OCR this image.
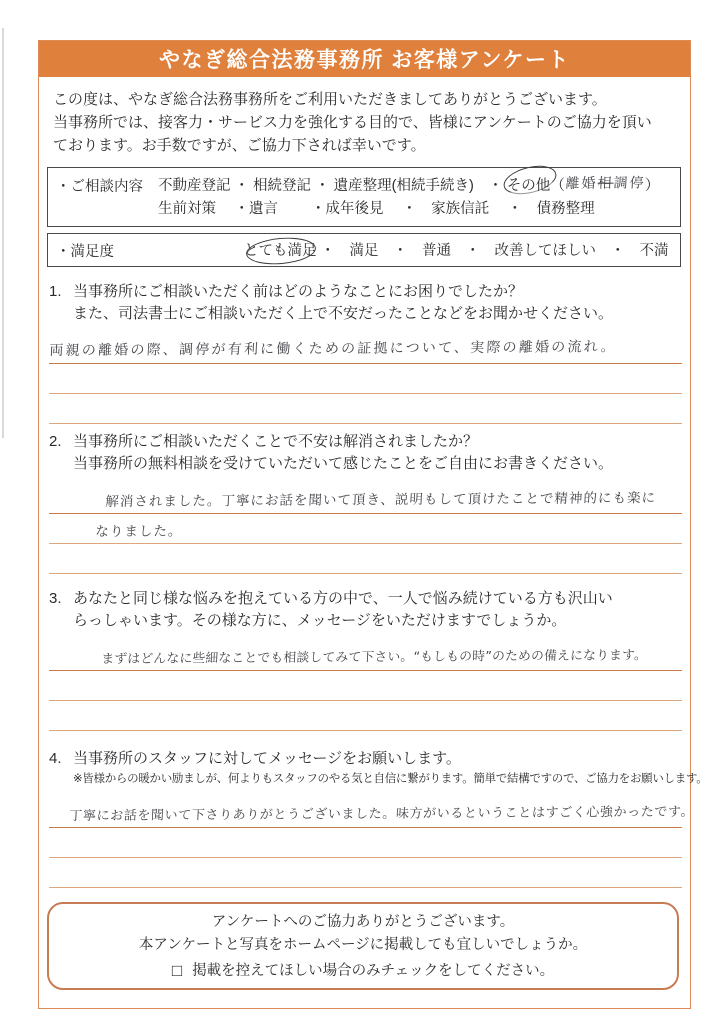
やなぎ総合法務事務所 お客様アンケート
この度は、やなぎ総合法務事務所をご利用いただきましてありがとうございます。
当事務所では、接客力・サービス力を強化する目的で、皆様にアンケートのご協力を頂い
ております。お手数ですが、ご協力下されば幸いです。
・ご相談内容	不動産登記 ・ 相続登記 ・ 遺産整理(相続手続き)　・
その他（離婚相調停）
生前対策　 ・遺言 　　・成年後見 　・　家族信託 　・　債務整理
・満足度	とても満足 ・　満足　・　普通　・　改善してほしい　・　不満
1. 当事務所にご相談いただく前はどのようなことにお困りでしたか？
また、司法書士にご相談いただく上で不安だったことなどをお聞かせください。
両親の離婚の際、調停が有利に働くための証拠について、実際の離婚の流れ。
2. 当事務所にご相談いただくことで不安は解消されましたか？
当事務所の無料相談を受けていただいて感じたことをご自由にお書きください。
解消されました。丁寧にお話を聞いて頂き、説明もして頂けたことで精神的にも楽に
なりました。
3. あなたと同じ様な悩みを抱えている方の中で、一人で悩み続けている方も沢山い
らっしゃいます。その様な方に、メッセージをいただけますでしょうか。
まずはどんなに些細なことでも相談してみて下さい。“もしもの時”のための備えになります。
4. 当事務所のスタッフに対してメッセージをお願いします。
※皆様からの暖かい励ましが、何よりもスタッフのやる気と自信に繋がります。簡単で結構ですので、ご協力をお願いします。
丁寧にお話を聞いて下さりありがとうございました。味方がいるということはすごく心強かったです。
アンケートへのご協力ありがとうございます。
本アンケートと写真をホームページに掲載しても宜しいでしょうか。
□ 掲載を控えてほしい場合のみチェックをしてください。
